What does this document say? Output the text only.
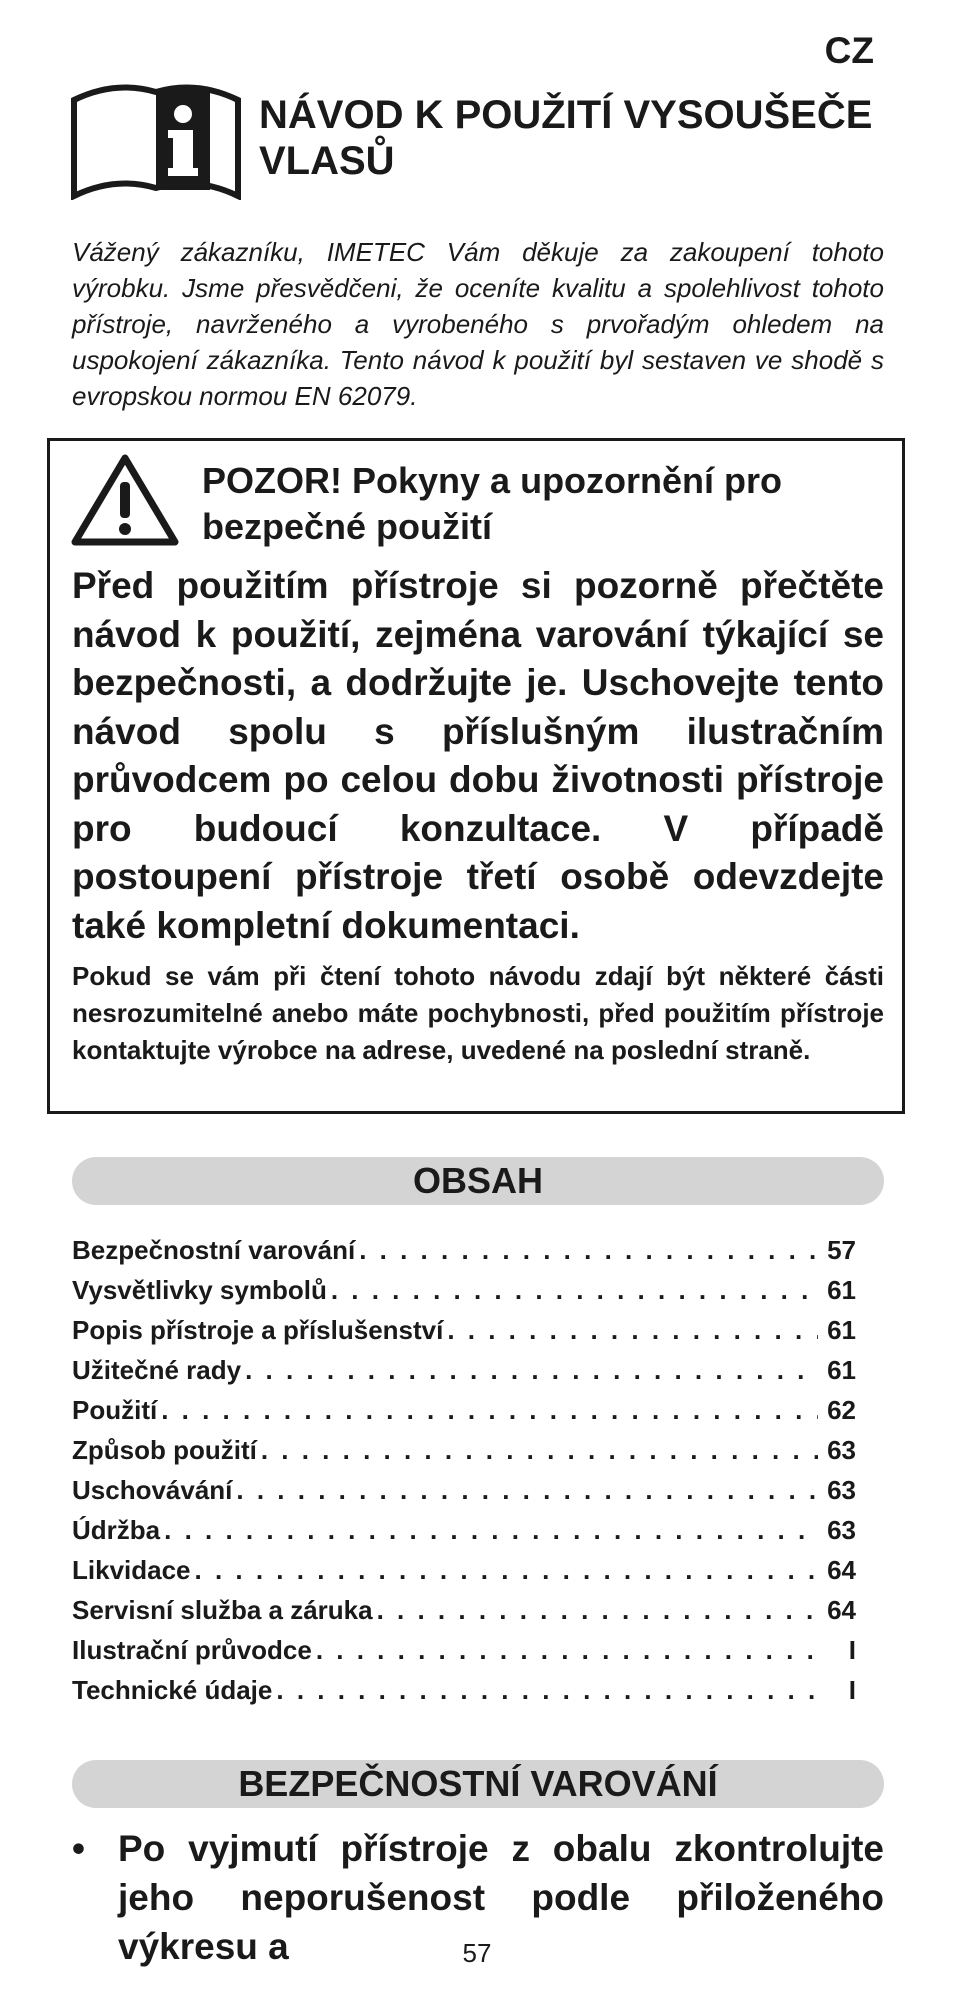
CZ
NÁVOD K POUŽITÍ VYSOUŠEČE VLASŮ
Vážený zákazníku, IMETEC Vám děkuje za zakoupení tohoto výrobku. Jsme přesvědčeni, že oceníte kvalitu a spolehlivost tohoto přístroje, navrženého a vyrobeného s prvořadým ohledem na uspokojení zákazníka. Tento návod k použití byl sestaven ve shodě s evropskou normou EN 62079.
POZOR! Pokyny a upozornění pro bezpečné použití
Před použitím přístroje si pozorně přečtěte návod k použití, zejména varování týkající se bezpečnosti, a dodržujte je. Uschovejte tento návod spolu s příslušným ilustračním průvodcem po celou dobu životnosti přístroje pro budoucí konzultace. V případě postoupení přístroje třetí osobě odevzdejte také kompletní dokumentaci.
Pokud se vám při čtení tohoto návodu zdají být některé části nesrozumitelné anebo máte pochybnosti, před použitím přístroje kontaktujte výrobce na adrese, uvedené na poslední straně.
OBSAH
Bezpečnostní varování . . .	57
Vysvětlivky symbolů . . .	61
Popis přístroje a příslušenství . . .	61
Užitečné rady . . .	61
Použití . . .	62
Způsob použití . . .	63
Uschovávání . . .	63
Údržba . . .	63
Likvidace . . .	64
Servisní služba a záruka . . .	64
Ilustrační průvodce . . .	I
Technické údaje . . .	I
BEZPEČNOSTNÍ VAROVÁNÍ
• Po vyjmutí přístroje z obalu zkontrolujte jeho neporušenost podle přiloženého výkresu a	57
